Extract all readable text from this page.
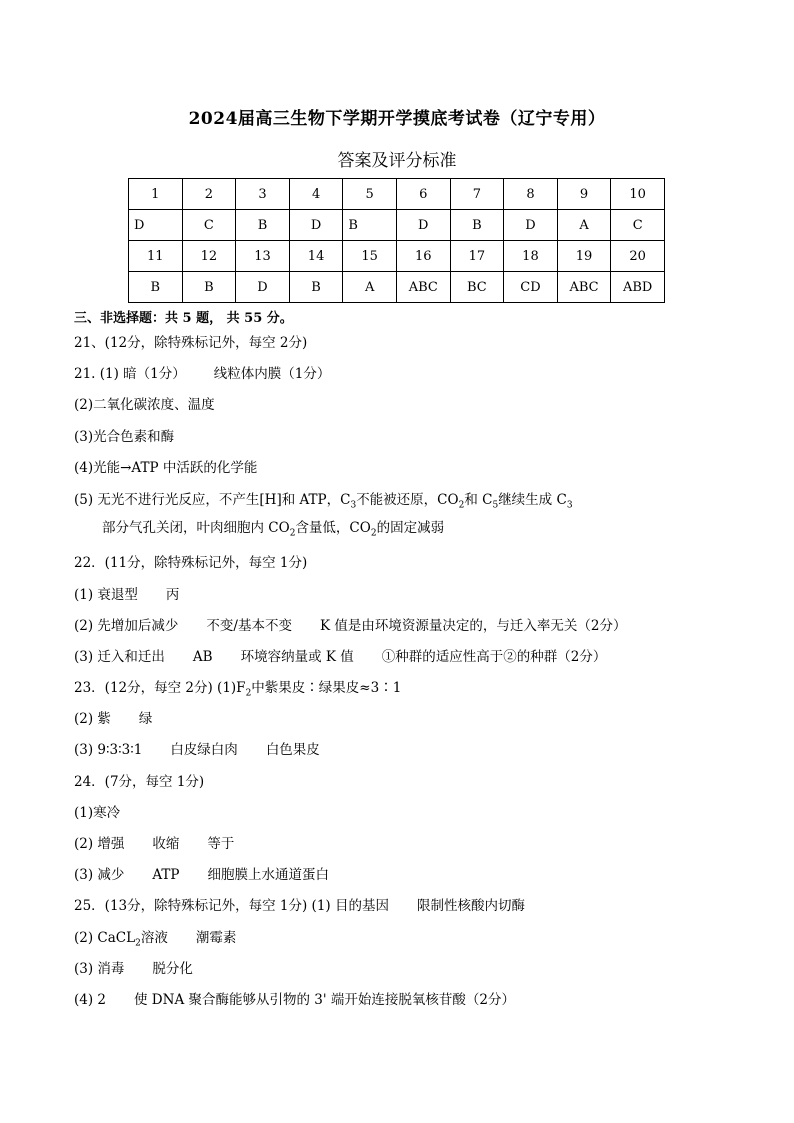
2024届高三生物下学期开学摸底考试卷（辽宁专用）
答案及评分标准
1	2	3	4	5	6	7	8	9	10
D	C	B	D	B	D	B	D	A	C
11	12	13	14	15	16	17	18	19	20
B	B	D	B	A	ABC	BC	CD	ABC	ABD
三、非选择题：共 5 题， 共 55 分。
21、(12分，除特殊标记外，每空 2分)
21. (1) 暗（1分） 线粒体内膜（1分）
(2)二氧化碳浓度、温度
(3)光合色素和酶
(4)光能→ATP 中活跃的化学能
(5) 无光不进行光反应，不产生[H]和 ATP，$C_3$不能被还原，$CO_2$和 $C_5$继续生成 $C_3$部分气孔关闭，叶肉细胞内 $CO_2$含量低，$CO_2$的固定减弱
22．(11分，除特殊标记外，每空 1分)
(1) 衰退型 丙
(2) 先增加后减少 不变/基本不变 K 值是由环境资源量决定的，与迁入率无关（2分）
(3) 迁入和迁出 AB 环境容纳量或 K 值 ①种群的适应性高于②的种群（2分）
23．(12分，每空 2分) $(1)F_2$中紫果皮∶绿果皮≈3∶1
(2) 紫 绿
(3) 9∶3∶3∶1 白皮绿白肉 白色果皮
24．(7分，每空 1分)
(1)寒冷
(2) 增强 收缩 等于
(3) 减少 ATP 细胞膜上水通道蛋白
25．(13分，除特殊标记外，每空 1分) (1) 目的基因 限制性核酸内切酶
(2) CaCL$_2$溶液 潮霉素
(3) 消毒 脱分化
(4) 2 使 DNA 聚合酶能够从引物的 3' 端开始连接脱氧核苷酸（2分）
